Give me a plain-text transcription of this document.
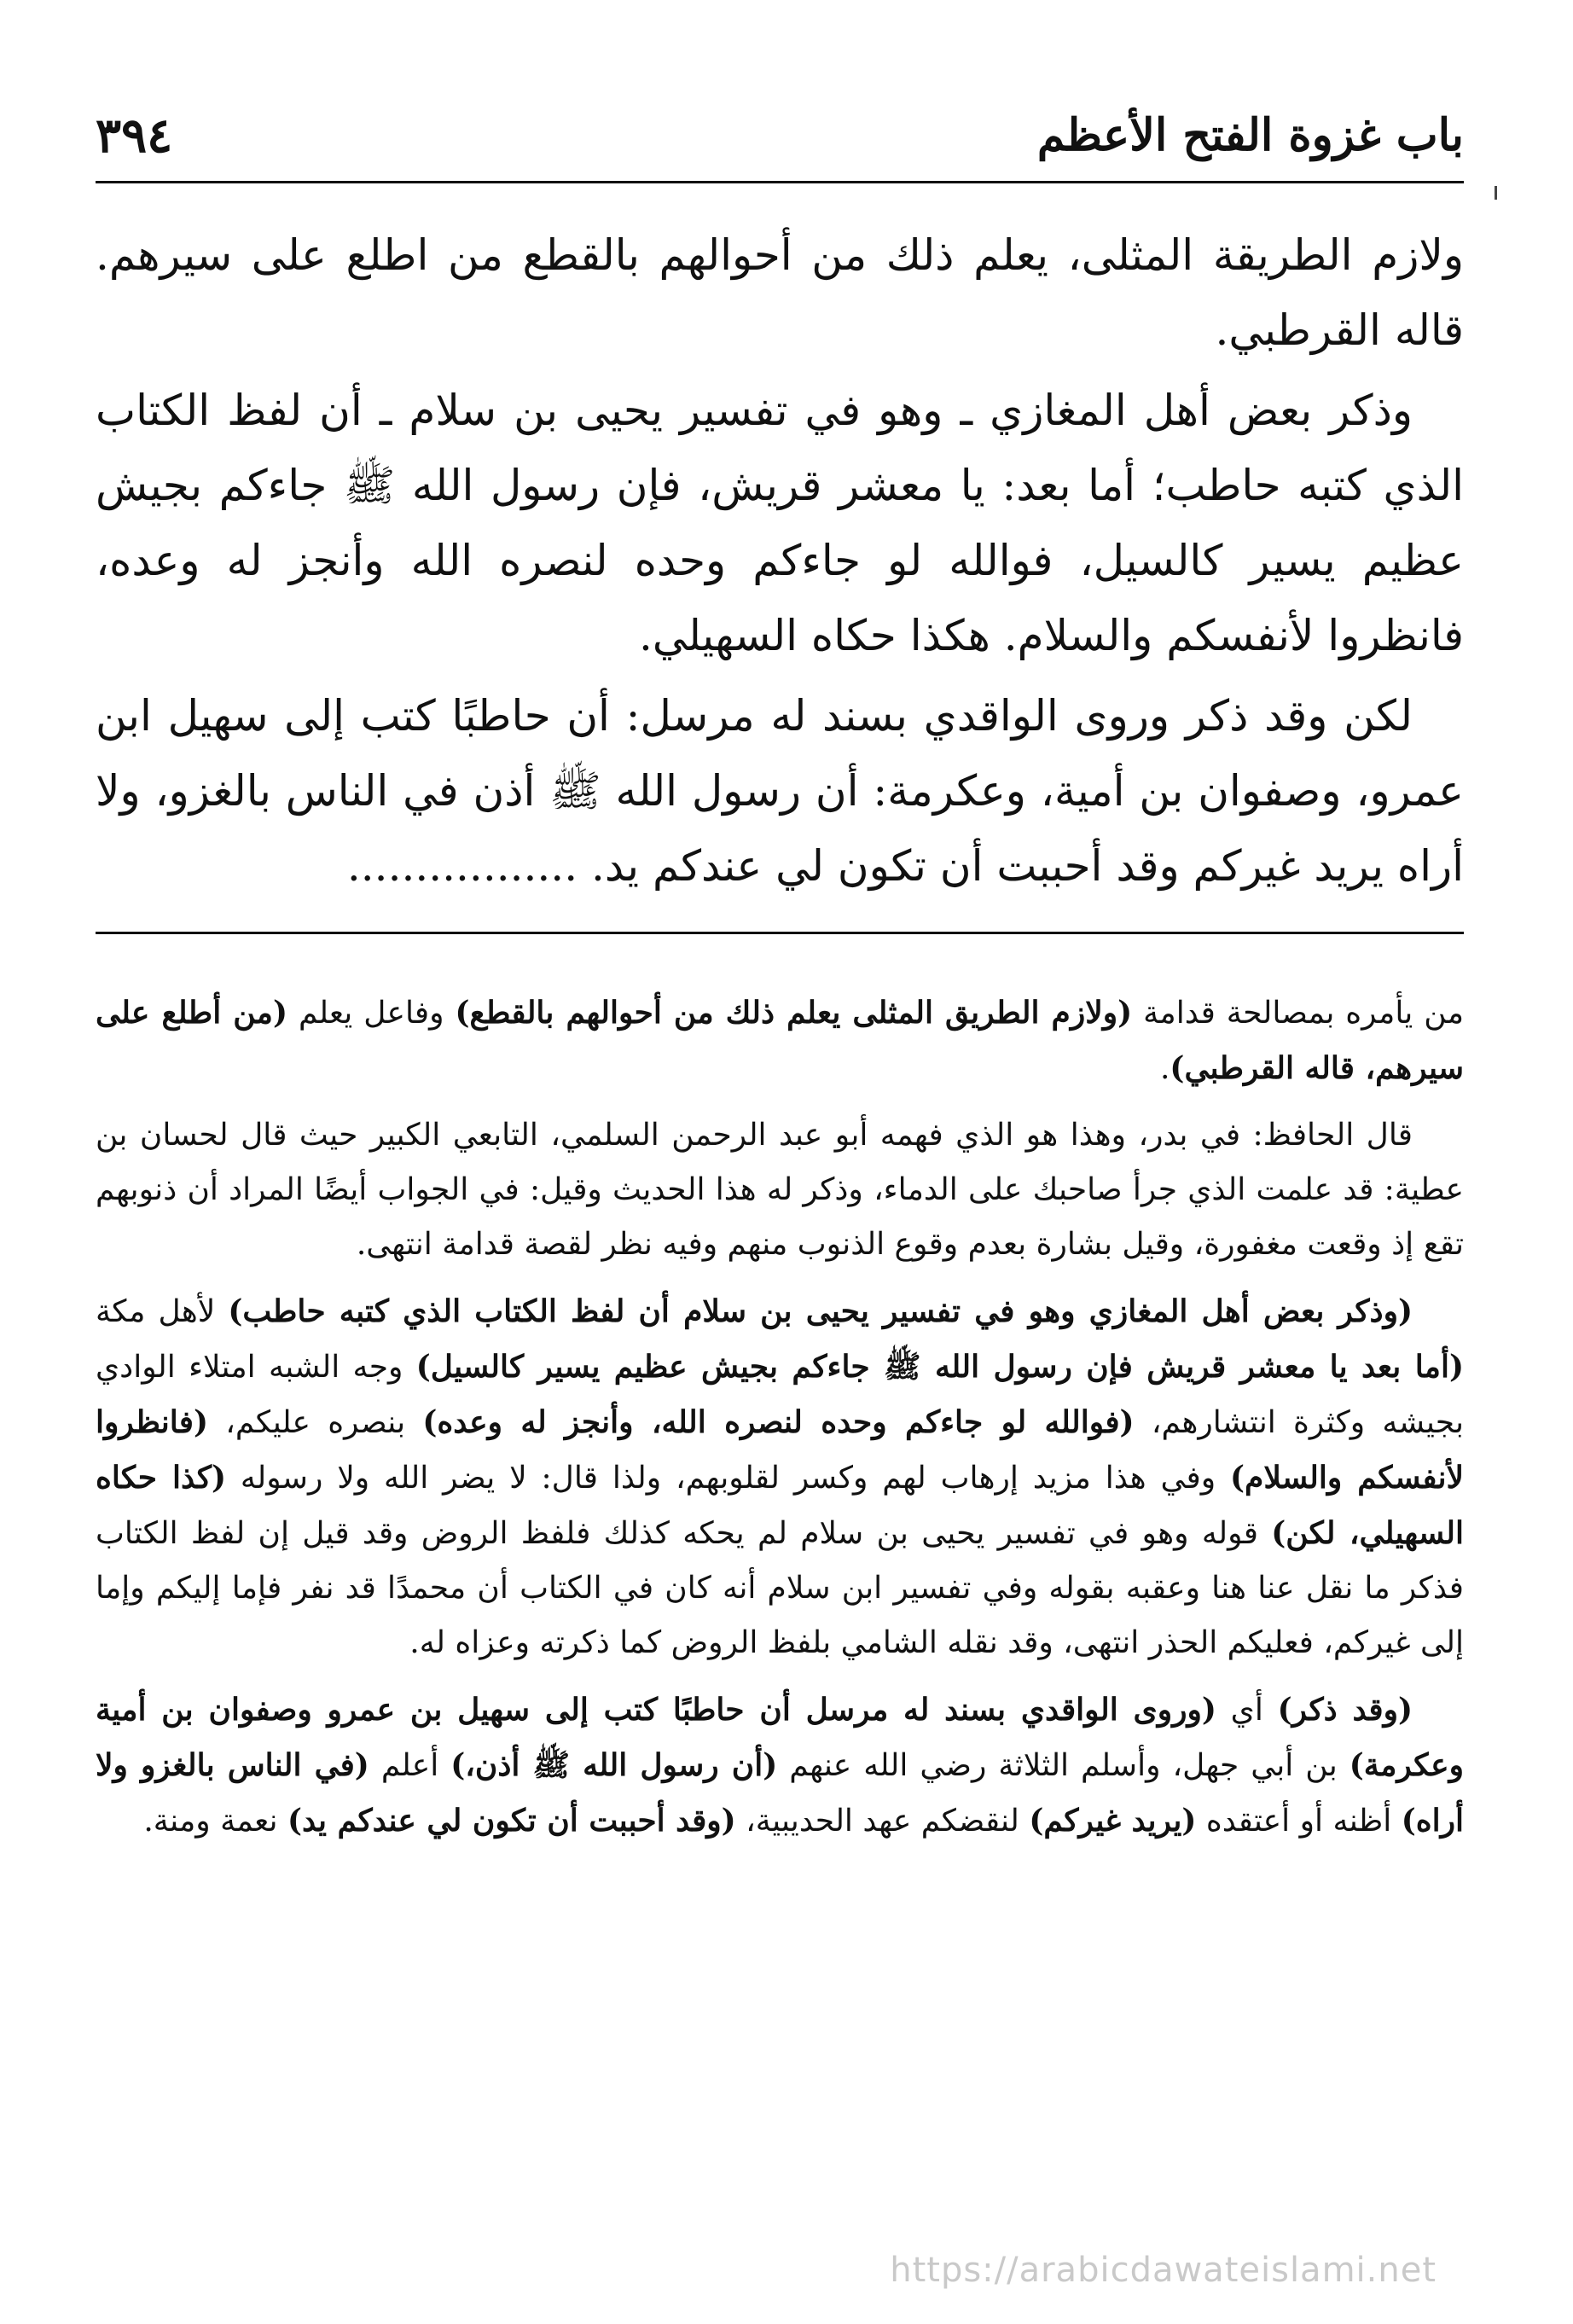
باب غزوة الفتح الأعظم
٣٩٤

ولازم الطريقة المثلى، يعلم ذلك من أحوالهم بالقطع من اطلع على سيرهم. قاله القرطبي.

وذكر بعض أهل المغازي ـ وهو في تفسير يحيى بن سلام ـ أن لفظ الكتاب الذي كتبه حاطب؛ أما بعد: يا معشر قريش، فإن رسول الله ﷺ جاءكم بجيش عظيم يسير كالسيل، فوالله لو جاءكم وحده لنصره الله وأنجز له وعده، فانظروا لأنفسكم والسلام. هكذا حكاه السهيلي.

لكن وقد ذكر وروى الواقدي بسند له مرسل: أن حاطبًا كتب إلى سهيل ابن عمرو، وصفوان بن أمية، وعكرمة: أن رسول الله ﷺ أذن في الناس بالغزو، ولا أراه يريد غيركم وقد أحببت أن تكون لي عندكم يد. .................

من يأمره بمصالحة قدامة (ولازم الطريق المثلى يعلم ذلك من أحوالهم بالقطع) وفاعل يعلم (من أطلع على سيرهم، قاله القرطبي).

قال الحافظ: في بدر، وهذا هو الذي فهمه أبو عبد الرحمن السلمي، التابعي الكبير حيث قال لحسان بن عطية: قد علمت الذي جرأ صاحبك على الدماء، وذكر له هذا الحديث وقيل: في الجواب أيضًا المراد أن ذنوبهم تقع إذ وقعت مغفورة، وقيل بشارة بعدم وقوع الذنوب منهم وفيه نظر لقصة قدامة انتهى.

(وذكر بعض أهل المغازي وهو في تفسير يحيى بن سلام أن لفظ الكتاب الذي كتبه حاطب) لأهل مكة (أما بعد يا معشر قريش فإن رسول الله ﷺ جاءكم بجيش عظيم يسير كالسيل) وجه الشبه امتلاء الوادي بجيشه وكثرة انتشارهم، (فوالله لو جاءكم وحده لنصره الله، وأنجز له وعده) بنصره عليكم، (فانظروا لأنفسكم والسلام) وفي هذا مزيد إرهاب لهم وكسر لقلوبهم، ولذا قال: لا يضر الله ولا رسوله (كذا حكاه السهيلي، لكن) قوله وهو في تفسير يحيى بن سلام لم يحكه كذلك فلفظ الروض وقد قيل إن لفظ الكتاب فذكر ما نقل عنا هنا وعقبه بقوله وفي تفسير ابن سلام أنه كان في الكتاب أن محمدًا قد نفر فإما إليكم وإما إلى غيركم، فعليكم الحذر انتهى، وقد نقله الشامي بلفظ الروض كما ذكرته وعزاه له.

(وقد ذكر) أي (وروى الواقدي بسند له مرسل أن حاطبًا كتب إلى سهيل بن عمرو وصفوان بن أمية وعكرمة) بن أبي جهل، وأسلم الثلاثة رضي الله عنهم (أن رسول الله ﷺ أذن،) أعلم (في الناس بالغزو ولا أراه) أظنه أو أعتقده (يريد غيركم) لنقضكم عهد الحديبية، (وقد أحببت أن تكون لي عندكم يد) نعمة ومنة.

https://arabicdawateislami.net
